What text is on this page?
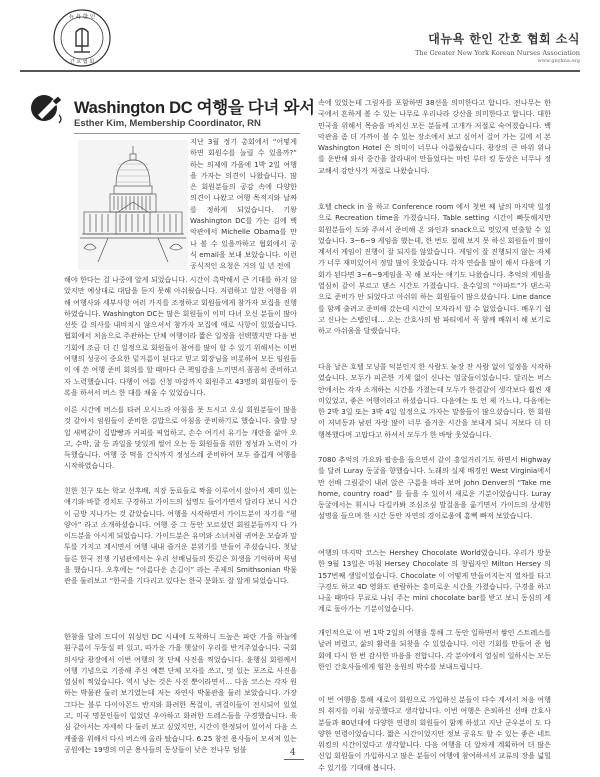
뉴 욕 한 인
간 호 협 회
대뉴욕 한인 간호 협회 소식
The Greater New York Korean Nurses Association
www.gnykna.org
Washington DC 여행을 다녀 와서
Esther Kim, Membership Coordinator, RN
지난 3월 정기 총회에서 “어떻게 하면 회원수를 늘릴 수 있을까?” 하는 의제에 가을에 1박 2일 여행을 가자는 의견이 나왔습니다. 많은 회원분들의 공감 속에 다양한 의견이 나왔고 여행 목적지와 날짜를 정하게 되었습니다. 기왕 Washington DC를 가는 김에 백악관에서 Michelle Obama를 만나 볼 수 있을까하고 협회에서 공식 email을 보내 보았습니다. 이런 공식적인 요청은 거의 일 년 전에
해야 한다는 걸 나중에 알게 되었습니다. 시간이 촉박해서 큰 기대를 하지 않았지만 예상대로 대답을 듣지 못해 아쉬웠습니다. 저렴하고 알찬 여행을 위해 여행사와 세부사항 여러 가지를 조정하고 회원들에게 참가자 모집을 진행하였습니다. Washington DC는 많은 회원들이 이미 다녀 오신 분들이 많아 선뜻 갈 의사를 내비치시 않으셔서 참가자 모집에 애로 사항이 있었습니다. 협회에서 처음으로 주관하는 단체 여행이라 짧은 일정을 선택했지만 다음 번 기회에 조금 더 긴 일정으로 회원들이 참여를 많이 할 수 있기 위해서는 이번 여행의 성공이 중요한 밑거름이 된다고 믿고 회장님을 비롯하여 모든 임원들이 애 쓴 여행 준비 회의를 할 때마다 큰 책임감을 느끼면서 꼼꼼히 준비하고자 노력했습니다. 다행이 여름 신청 마감까지 회원주고 43명의 회원들이 등록을 하셔서 버스 한 대를 채울 수 있었습니다.
이른 시간에 버스를 타려 오시느라 아침을 못 드시고 오실 회원분들이 많을 것 같아서 임원들이 준비한 김밥으로 아침을 준비하기로 했습니다. 출발 당일 새벽같이 집밥빵과 커피를 픽업하고, 손수 여기서 유기농 개란을 삶아 오고, 수박, 귤 등 과일을 맛있게 썰어 오는 등 회원들을 위한 정성과 노력이 가득했습니다. 여행 중 먹을 간식까지 정성스레 준비하여 모두 즐겁게 여행을 시작하였습니다.
친한 친구 또는 학교 선후배, 직장 동료들로 짝을 이루어서 앉아서 재미 있는 얘기와 바깥 경치도 구경하고 가이드의 설명도 들어가면서 달리다 보니 시간이 금방 지나가는 것 같았습니다. 여행을 시작하면서 가이드분이 자기를 “평양아” 라고 소개하셨습니다. 여행 중 그 동안 모르셨던 회원분들까지 다 가이드분을 아시게 되었습니다. 가이드분은 유머와 소녀처럼 귀여운 모습과 말투를 가지고 계시면서 여행 내내 즐거운 분위기를 만들어 주셨습니다. 첫날 들른 한국 전쟁 기념관에서는 우리 선배님들의 뜻깊은 희생을 기억하며 묵념을 했습니다. 오후에는 “아름다운 손길이” 라는 주제의 Smithsonian 박물관을 둘러보고 “한국을 기다리고 있다는 한국 문화도 잘 알게 되었습니다.
한참을 달려 드디어 워싱턴 DC 시내에 도착하니 드높은 파란 가을 하늘에 흰구름이 두둥실 떠 있고, 따가운 가을 햇살이 우리를 반겨주었습니다. 국회 의사당 광장에서 이번 여행의 첫 단체 사진을 찍었습니다. 윤행심 회원께서 여행 기념으로 기증해 주신 예쁜 단체 모자를 쓰고, 멋 있는 포즈로 사진을 열심히 찍었습니다. 역시 낭는 것은 사진 뿐이라면서… 다음 코스는 각자 원하는 박물관 둘러 보기였는데 저는 자연사 박물관을 둘러 보았습니다. 가장 그다는 블루 다이아몬드 반지와 화려한 목걸이, 귀걸이들이 전시되어 있었고, 미국 명문인들이 입었던 우아하고 화려한 드레스들을 구경했습니다. 육심 같아서는 자세히 다 둘러 보고 싶었지만, 시간이 한정되어 있어서 다음 스케줄을 위해서 다시 버스에 올라 탔습니다. 6.25 참전 용사들이 모셔져 있는 공원에는 19명의 미군 용사들의 동상들이 낮은 전나무 덤불
속에 있었는데 그림자를 포함하면 38선을 의미한다고 합니다. 전나무는 한국에서 흔하게 볼 수 있는 나무로 우리나라 강산을 의미한다고 합니다. 대한민국을 위해서 목숨을 바치신 모든 분들께 고개가 저절로 숙여졌습니다. 백악관을 좀 더 가까이 볼 수 있는 장소에서 보고 싶어서 걸어 가는 길에 서 본 Washington Hotel 은 의미이 너무나 아름웠습니다. 광장의 큰 바위 위나를 운반해 와서 중간을 잘라내어 만들었다는 마틴 루터 킹 동상은 너무나 정교해서 감탄사가 저절로 나왔습니다.
호텔 check in 을 하고 Conference room 에서 첫번 째 날의 마지막 일정으로 Recreation time을 가졌습니다. Table setting 시간이 빠듯해지만 회원분들이 도와 주셔서 준비해 온 와인과 snack으로 멋있게 연출할 수 있었습니다. 3~6~9 게임을 했는데, 한 번도 접해 보지 못 하신 회원들이 많이 계셔서 게임이 진행이 잘 되지를 않았습니다. 게임이 잘 진행되지 않는 자체가 너무 재미있어서 정말 많이 웃었습니다. 각자 연습을 많이 해서 다음에 기회가 된다면 3~6~9게임을 꼭 해 보자는 얘기도 나왔습니다. 추억의 게임을 열심히 같이 부르고 댄스 시간도 가졌습니다. 윤수일의 “아파트”가 댄스곡으로 준비가 안 되었다고 아쉬워 하는 회원들이 많으셨습니다. Line dance를 함께 출려고 준비해 갔는데 시간이 모자라서 할 수 없었습니다. 배우기 쉽고 신나는 스텝인데… 오는 간호사의 밤 파티에서 꼭 함께 배워서 해 보기로 하고 아쉬움을 달랬습니다.
다음 날은 호텔 모닝콜 덕분인지 한 사람도 늦장 잔 사람 없이 일정을 시작하였습니다. 모두가 피곤한 기색 없이 신나는 얼굴들이었습니다. 달리는 버스 안에서는 각자 소개하는 시간을 가졌는데 모두가 한결같이 생각보다 훨씬 재미있었고, 좋은 여행이라고 하셨습니다. 다음에는 또 언 제 가느냐, 다음에는 한 2박 3일 또는 3박 4일 일정으로 가자는 말씀들이 많으셨습니다. 한 회원이 저녁동과 남편 자랑 많이 너무 즐거운 시간을 보내게 되니 저보다 더 더 행복했다며 고맙다고 하셔서 모두가 한 바탕 웃었습니다.
7080 추억의 가요와 팝송을 들으면서 같이 흥얼거리기도 하면서 Highway를 달려 Luray 동굴을 향했습니다. 노래의 실제 배경인 West Virginia에서 만 선배 그림같이 내려 앉은 구름을 바라 보며 John Denver의 “Take me home, country road” 를 들을 수 있어서 새로운 기분이었습니다. Luray 동굴에서는 휘시나 다킬카봐 조심조심 발걸음을 옮기면서 가이드의 상세한 설명을 들으며 한 시간 동안 자연의 경이로움에 흠뻑 빠져 보았습니다.
여행의 마지막 코스는 Hershey Chocolate World였습니다. 우리가 방문한 9월 13일은 마침 Hersey Chocolate 의 창립자인 Milton Hersey 의 157번째 생일이었습니다. Chocolate 이 어떻게 만들어지는지 열차를 타고 구경도 하고 4D 영화도 관람하는 흥미로운 시간을 가졌습니다. 구경을 하고 나올 때마다 무료로 나눠 주는 mini chocolate bar를 받고 보니 동심의 세계로 돌아가는 기분이었습니다.
개인적으로 이 번 1박 2일의 여행을 통해 그 동안 일하면서 쌓인 스트레스를 날려 버렸고, 삶의 활력을 되찾을 수 있었습니다. 이런 기회를 만들어 준 협회에 다시 한 번 감사한 마음을 전합니다. 각 분야에서 열심히 일하시는 모든 한인 간호사들에게 힘찬 응원의 박수를 보내드립니다.
이 번 여행을 통해 새로이 회원으로 가입하신 분들이 다수 계셔서 처음 여행의 취지를 이뤄 성공했다고 생각합니다. 이번 여행은 은퇴하신 선배 간호사분들과 80년대에 다양한 연령의 회원들이 함께 하셨고 지난 군우분이 도 다양한 연령이었습니다. 짧은 시간이었지만 정보 공유도 할 수 있는 좋은 네트워킹의 시간이었다고 생각합니다. 다음 여행을 더 알차게 계획하여 더 많은 신입 회원들이 가입하시고 많은 분들이 여행에 참여하셔서 교류의 장을 넓힐 수 있기를 기대해 봅니다.
4
